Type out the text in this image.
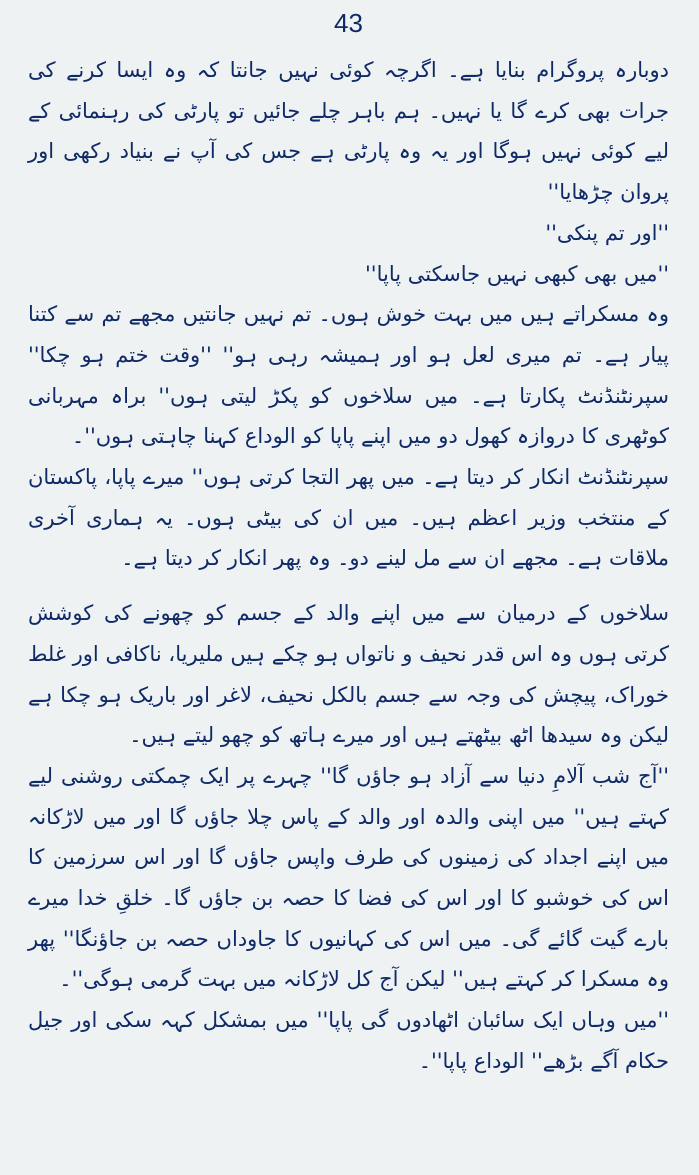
43

دوبارہ پروگرام بنایا ہے۔ اگرچہ کوئی نہیں جانتا کہ وہ ایسا کرنے کی جرات بھی کرے گا یا نہیں۔ ہم باہر چلے جائیں تو پارٹی کی رہنمائی کے لیے کوئی نہیں ہوگا اور یہ وہ پارٹی ہے جس کی آپ نے بنیاد رکھی اور پروان چڑھایا''

''اور تم پنکی''

''میں بھی کبھی نہیں جاسکتی پاپا''

وہ مسکراتے ہیں میں بہت خوش ہوں۔ تم نہیں جانتیں مجھے تم سے کتنا پیار ہے۔ تم میری لعل ہو اور ہمیشہ رہی ہو'' ''وقت ختم ہو چکا'' سپرنٹنڈنٹ پکارتا ہے۔ میں سلاخوں کو پکڑ لیتی ہوں'' براہ مہربانی کوٹھری کا دروازہ کھول دو میں اپنے پاپا کو الوداع کہنا چاہتی ہوں''۔

سپرنٹنڈنٹ انکار کر دیتا ہے۔ میں پھر التجا کرتی ہوں'' میرے پاپا، پاکستان کے منتخب وزیر اعظم ہیں۔ میں ان کی بیٹی ہوں۔ یہ ہماری آخری ملاقات ہے۔ مجھے ان سے مل لینے دو۔ وہ پھر انکار کر دیتا ہے۔

سلاخوں کے درمیان سے میں اپنے والد کے جسم کو چھونے کی کوشش کرتی ہوں وہ اس قدر نحیف و ناتواں ہو چکے ہیں ملیریا، ناکافی اور غلط خوراک، پیچش کی وجہ سے جسم بالکل نحیف، لاغر اور باریک ہو چکا ہے لیکن وہ سیدھا اٹھ بیٹھتے ہیں اور میرے ہاتھ کو چھو لیتے ہیں۔

''آج شب آلامِ دنیا سے آزاد ہو جاؤں گا'' چہرے پر ایک چمکتی روشنی لیے کہتے ہیں'' میں اپنی والدہ اور والد کے پاس چلا جاؤں گا اور میں لاڑکانہ میں اپنے اجداد کی زمینوں کی طرف واپس جاؤں گا اور اس سرزمین کا اس کی خوشبو کا اور اس کی فضا کا حصہ بن جاؤں گا۔ خلقِ خدا میرے بارے گیت گائے گی۔ میں اس کی کہانیوں کا جاوداں حصہ بن جاؤنگا'' پھر وہ مسکرا کر کہتے ہیں'' لیکن آج کل لاڑکانہ میں بہت گرمی ہوگی''۔

''میں وہاں ایک سائبان اٹھادوں گی پاپا'' میں بمشکل کہہ سکی اور جیل حکام آگے بڑھے'' الوداع پاپا''۔
